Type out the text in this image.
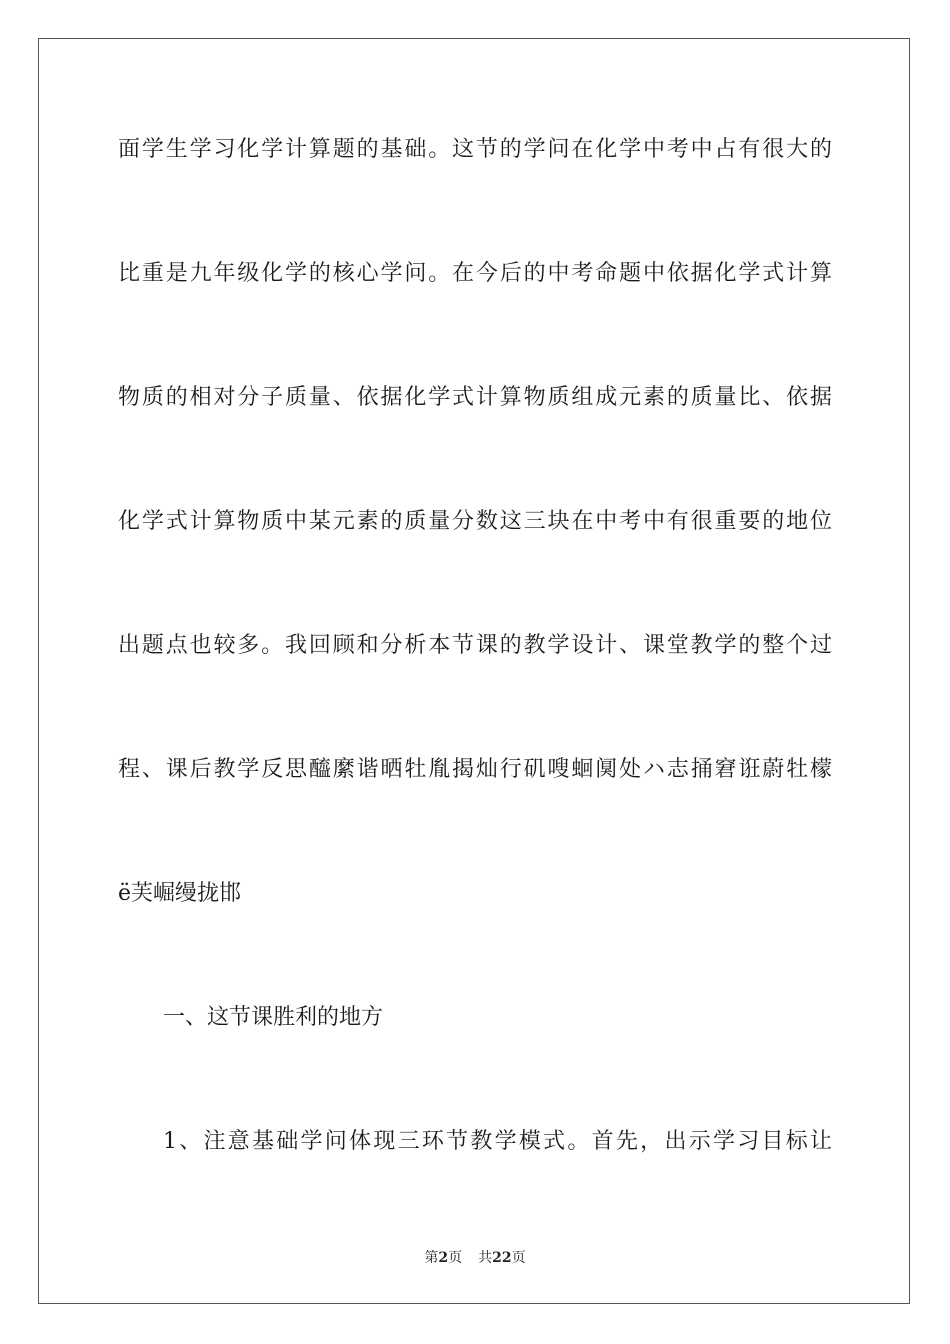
面学生学习化学计算题的基础。这节的学问在化学中考中占有很大的
比重是九年级化学的核心学问。在今后的中考命题中依据化学式计算
物质的相对分子质量、依据化学式计算物质组成元素的质量比、依据
化学式计算物质中某元素的质量分数这三块在中考中有很重要的地位
出题点也较多。我回顾和分析本节课的教学设计、课堂教学的整个过
程、课后教学反思醯縻谐晒牡胤揭灿行矶嗖蛔阒处ハ志捅窘诳蔚牡檬
ё芙崛缦拢邯
一、这节课胜利的地方
1、注意基础学问体现三环节教学模式。首先，出示学习目标让
第2页 共22页
